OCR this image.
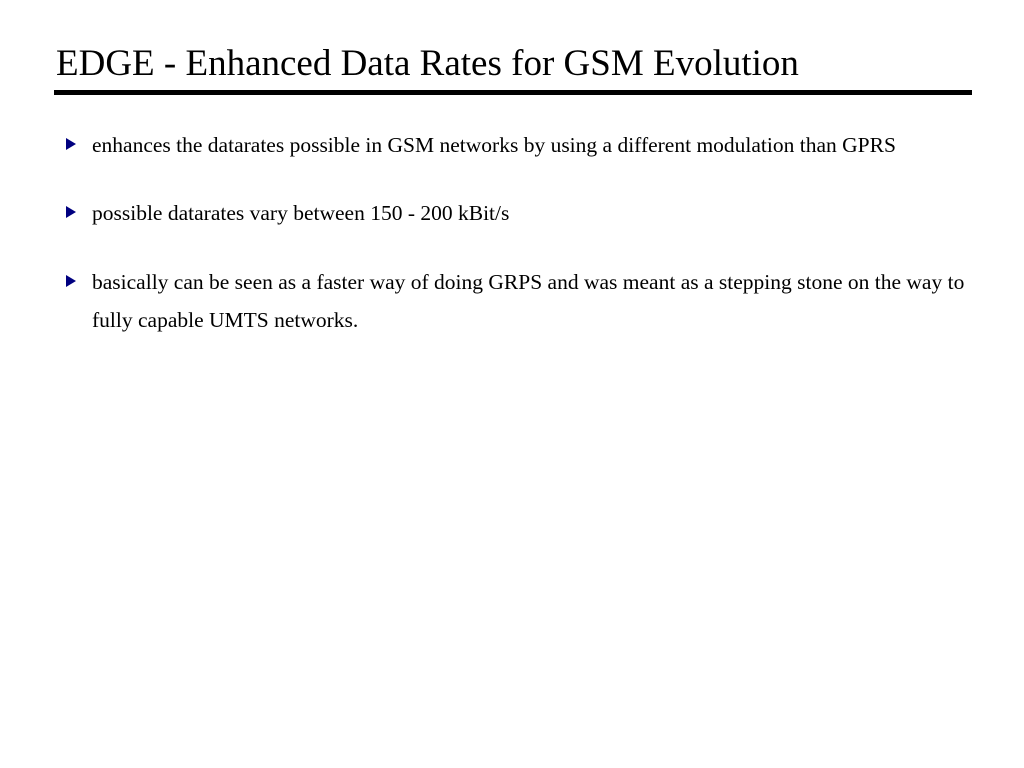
EDGE - Enhanced Data Rates for GSM Evolution
enhances the datarates possible in GSM networks by using a different modulation than GPRS
possible datarates vary between 150 - 200 kBit/s
basically can be seen as a faster way of doing GRPS and was meant as a stepping stone on the way to fully capable UMTS networks.
